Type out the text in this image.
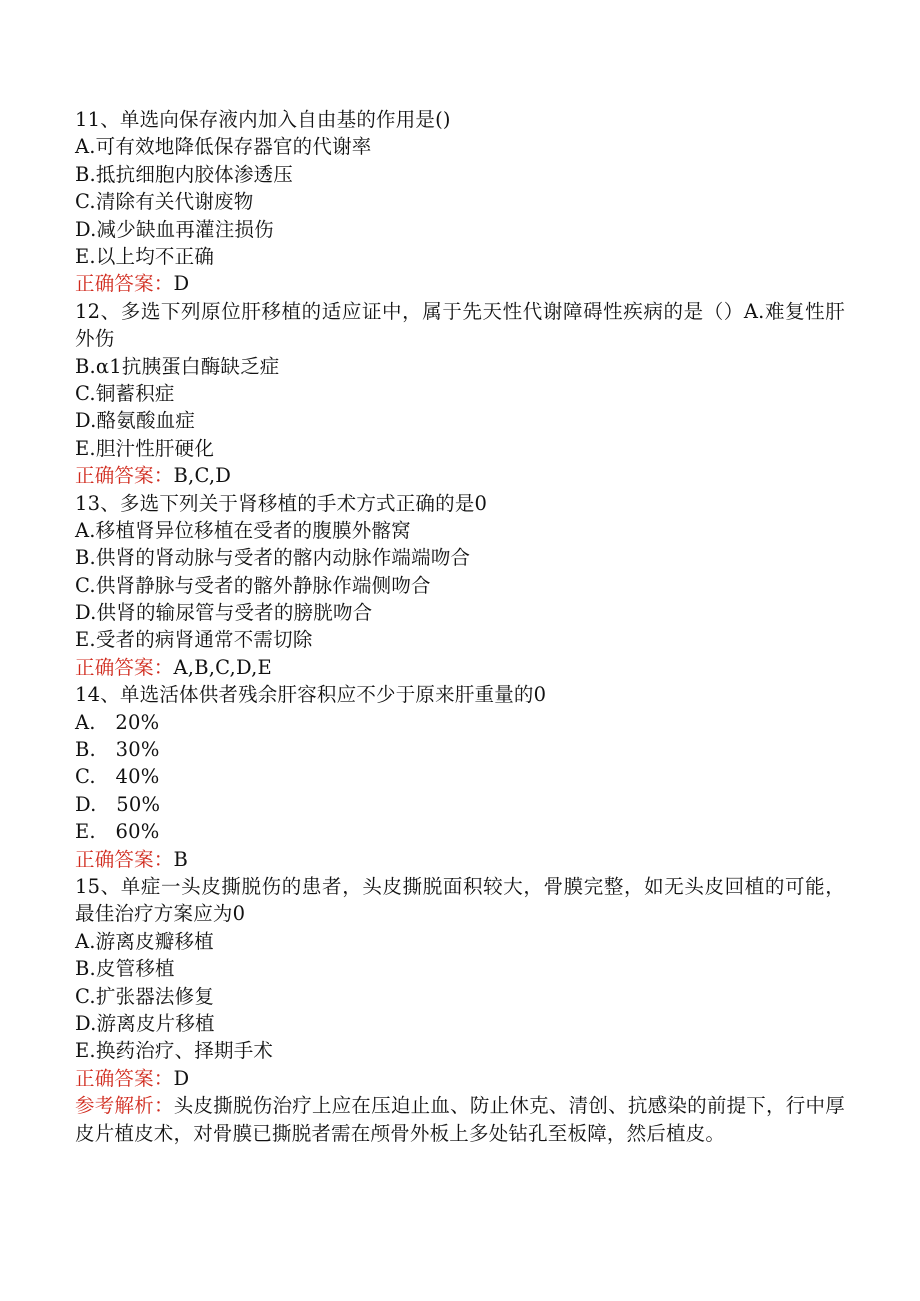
11、单选向保存液内加入自由基的作用是()
A.可有效地降低保存器官的代谢率
B.抵抗细胞内胶体渗透压
C.清除有关代谢废物
D.减少缺血再灌注损伤
E.以上均不正确
正确答案：D
12、多选下列原位肝移植的适应证中，属于先天性代谢障碍性疾病的是（）A.难复性肝外伤
B.α1抗胰蛋白酶缺乏症
C.铜蓄积症
D.酪氨酸血症
E.胆汁性肝硬化
正确答案：B,C,D
13、多选下列关于肾移植的手术方式正确的是0
A.移植肾异位移植在受者的腹膜外髂窝
B.供肾的肾动脉与受者的髂内动脉作端端吻合
C.供肾静脉与受者的髂外静脉作端侧吻合
D.供肾的输尿管与受者的膀胱吻合
E.受者的病肾通常不需切除
正确答案：A,B,C,D,E
14、单选活体供者残余肝容积应不少于原来肝重量的0
A.　20%
B.　30%
C.　40%
D.　50%
E.　60%
正确答案：B
15、单症一头皮撕脱伤的患者，头皮撕脱面积较大，骨膜完整，如无头皮回植的可能，最佳治疗方案应为0
A.游离皮瓣移植
B.皮管移植
C.扩张器法修复
D.游离皮片移植
E.换药治疗、择期手术
正确答案：D
参考解析：头皮撕脱伤治疗上应在压迫止血、防止休克、清创、抗感染的前提下，行中厚皮片植皮术，对骨膜已撕脱者需在颅骨外板上多处钻孔至板障，然后植皮。
